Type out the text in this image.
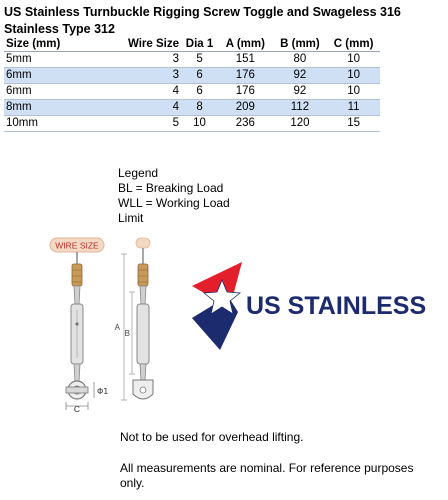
US Stainless Turnbuckle Rigging Screw Toggle and Swageless 316 Stainless Type 312
Size (mm)	Wire Size	Dia 1	A (mm)	B (mm)	C (mm)
5mm	3	5	151	80	10
6mm	3	6	176	92	10
6mm	4	6	176	92	10
8mm	4	8	209	112	11
10mm	5	10	236	120	15
Legend
BL = Breaking Load
WLL = Working Load
Limit
WIRE SIZE
C
Φ1
A
B
US STAINLESS

Not to be used for overhead lifting.

All measurements are nominal. For reference purposes only.
